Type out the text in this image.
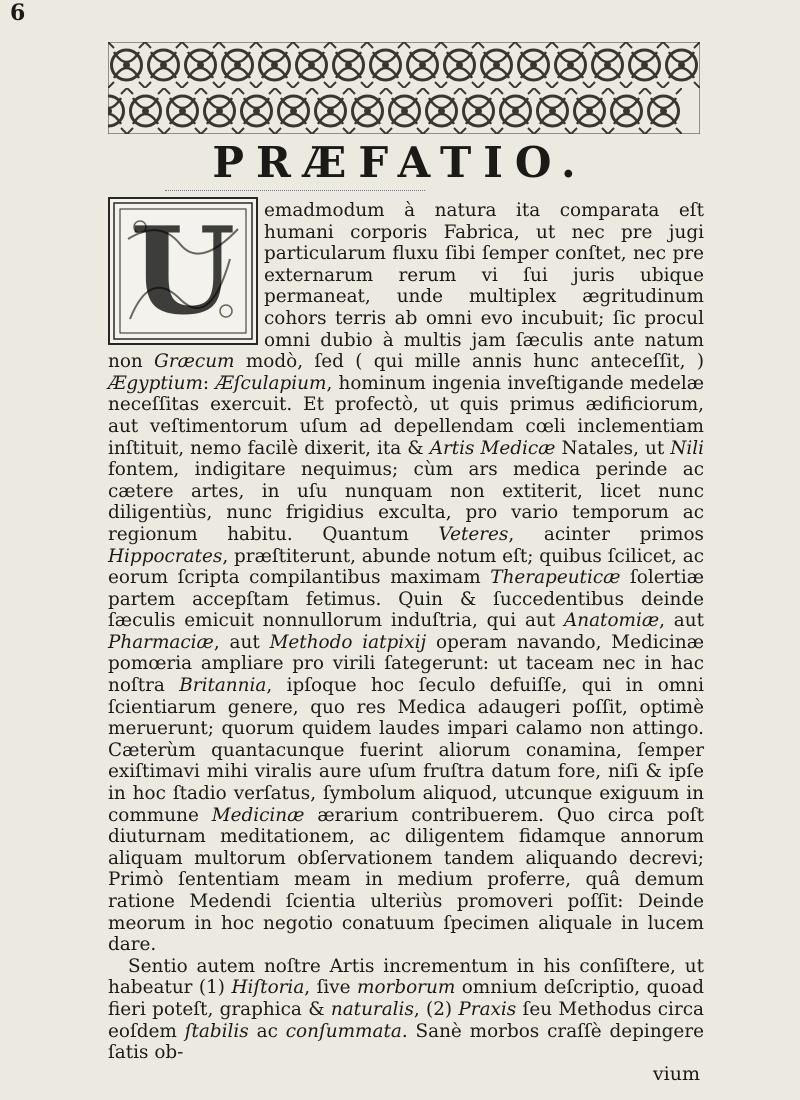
6
PRÆFATIO.
U	emadmodum à natura ita comparata eſt humani corporis Fabrica, ut nec pre jugi particularum fluxu ſibi ſemper conſtet, nec pre externarum rerum vi ſui juris ubique permaneat, unde multiplex ægritudinum cohors terris ab omni evo incubuit; ſic procul omni dubio à multis jam ſæculis ante natum non Græcum modò, ſed ( qui mille annis hunc anteceſſit, ) Ægyptium: Æſculapium, hominum ingenia inveſtigande medelæ neceſſitas exercuit. Et profectò, ut quis primus ædificiorum, aut veſtimentorum uſum ad depellendam cœli inclementiam inſtituit, nemo facilè dixerit, ita & Artis Medicæ Natales, ut Nili fontem, indigitare nequimus; cùm ars medica perinde ac cætere artes, in uſu nunquam non extiterit, licet nunc diligentiùs, nunc frigidius exculta, pro vario temporum ac regionum habitu. Quantum Veteres, acinter primos Hippocrates, præſtiterunt, abunde notum eſt; quibus ſcilicet, ac eorum ſcripta compilantibus maximam Therapeuticæ ſolertiæ partem accepſtam fetimus. Quin & ſuccedentibus deinde ſæculis emicuit nonnullorum induſtria, qui aut Anatomiæ, aut Pharmaciæ, aut Methodo iatpixij operam navando, Medicinæ pomœria ampliare pro virili ſategerunt: ut taceam nec in hac noſtra Britannia, ipſoque hoc ſeculo defuiſſe, qui in omni ſcientiarum genere, quo res Medica adaugeri poſſit, optimè meruerunt; quorum quidem laudes impari calamo non attingo. Cæterùm quantacunque fuerint aliorum conamina, ſemper exiſtimavi mihi viralis aure uſum fruſtra datum fore, niſi & ipſe in hoc ſtadio verſatus, ſymbolum aliquod, utcunque exiguum in commune Medicinæ ærarium contribuerem. Quo circa poſt diuturnam meditationem, ac diligentem fidamque annorum aliquam multorum obſervationem tandem aliquando decrevi; Primò ſententiam meam in medium proferre, quâ demum ratione Medendi ſcientia ulteriùs promoveri poſſit: Deinde meorum in hoc negotio conatuum ſpecimen aliquale in lucem dare.

Sentio autem noſtre Artis incrementum in his conſiſtere, ut habeatur (1) Hiſtoria, ſive morborum omnium deſcriptio, quoad fieri poteſt, graphica & naturalis, (2) Praxis ſeu Methodus circa eoſdem ſtabilis ac conſummata. Sanè morbos craſſè depingere ſatis ob-

vium
